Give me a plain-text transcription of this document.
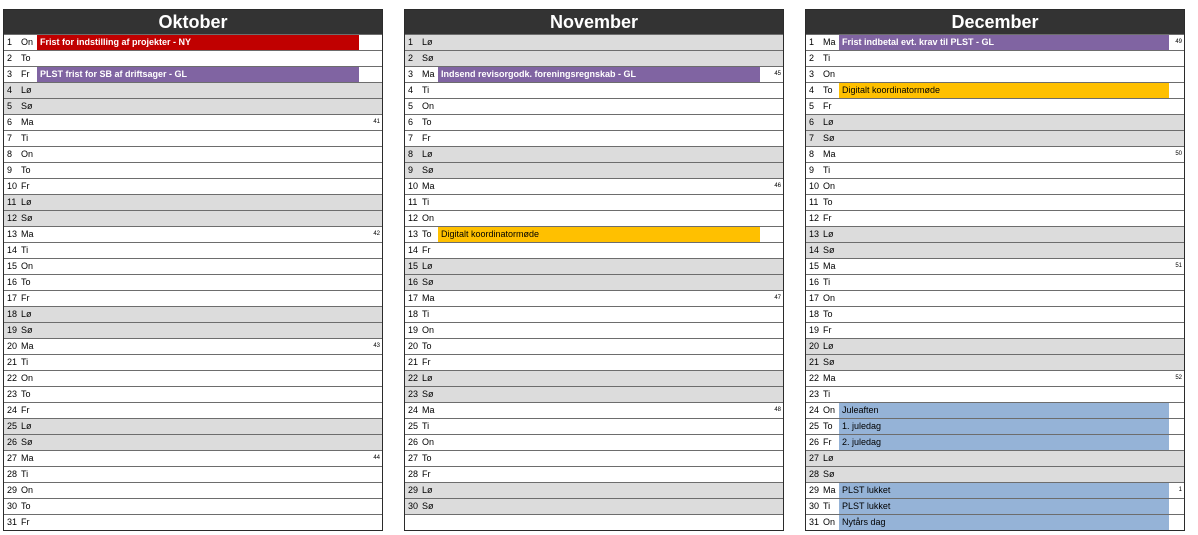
Oktober
1 On Frist for indstilling af projekter - NY
2 To
3 Fr	PLST frist for SB af driftsager - GL
4 Lø
5 Sø
6 Ma	41
7 Ti
8 On
9 To
10 Fr
11 Lø
12 Sø
13 Ma	42
14 Ti
15 On
16 To
17 Fr
18 Lø
19 Sø
20 Ma	43
21 Ti
22 On
23 To
24 Fr
25 Lø
26 Sø
27 Ma	44
28 Ti
29 On
30 To
31 Fr
November
1 Lø
2 Sø
3 Ma Indsend revisorgodk. foreningsregnskab - GL	45
4 Ti
5 On
6 To
7 Fr
8 Lø
9 Sø
10 Ma	46
11 Ti
12 On
13 To	Digitalt koordinatormøde
14 Fr
15 Lø
16 Sø
17 Ma	47
18 Ti
19 On
20 To
21 Fr
22 Lø
23 Sø
24 Ma	48
25 Ti
26 On
27 To
28 Fr
29 Lø
30 Sø
December
1 Ma Frist indbetal evt. krav til PLST - GL	49
2 Ti
3 On
4 To	Digitalt koordinatormøde
5 Fr
6 Lø
7 Sø
8 Ma	50
9 Ti
10 On
11 To
12 Fr
13 Lø
14 Sø
15 Ma	51
16 Ti
17 On
18 To
19 Fr
20 Lø
21 Sø
22 Ma	52
23 Ti
24 On Juleaften
25 To	1. juledag
26 Fr	2. juledag
27 Lø
28 Sø
29 Ma PLST lukket	1
30 Ti	PLST lukket
31 On Nytårs dag
